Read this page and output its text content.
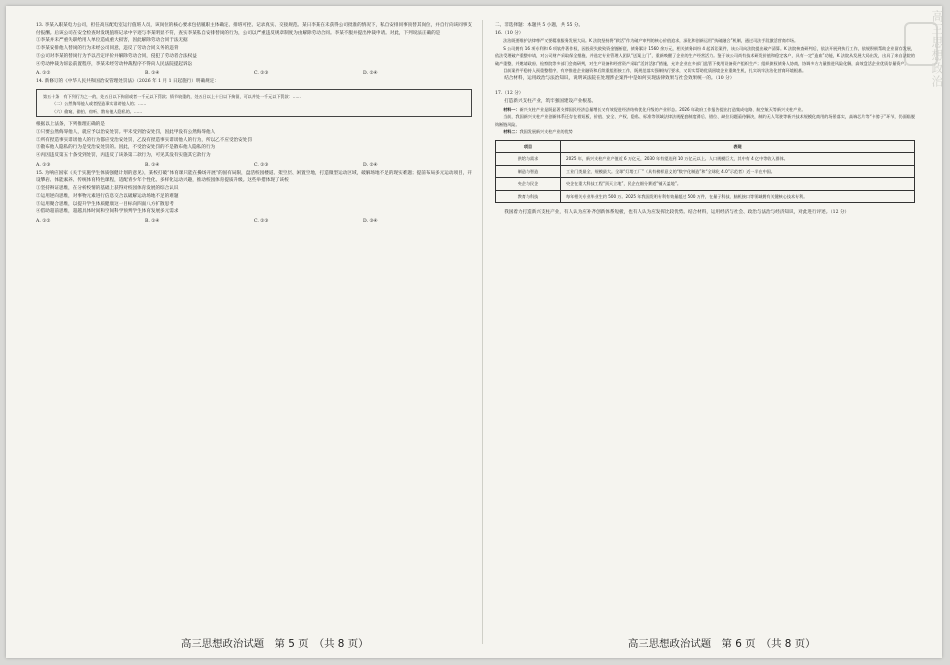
高三思想政治

13. 李某入职某电力公司，担任高压配电室运行值班人员，该岗位的核心要求包括履职主体确定、排班可控、记录真实、交接规范。某日李某在未获得公司批准的情况下，私自安排同事顶替其岗位，并自行向该同事支付报酬。后该公司在安全检查时发现值班记录中字迹与李某明显不符，查实李某私自安排替岗的行为，公司以严重违反规章制度为由解除劳动合同。李某不服并提出仲裁申请。对此，下列说法正确的是

①李某并未严重失职给用人单位造成重大损害，因此解除劳动合同于法无据

②李某安排他人替岗的行为未经公司同意，违反了劳动合同义务的违背

③公司对李某的替岗行为予以否定评价并解除劳动合同，侵犯了劳动者合法权益

④劳动仲裁为诉讼前置程序，李某未经劳动仲裁程序不得向人民法院提起诉讼

A. ①②	B. ①④	C. ②③	D. ②④

14. 新修订的《中华人民共和国治安管理处罚法》（2026 年 1 月 1 日起施行）明确规定：

第五十条　有下列行为之一的，处五日以下拘留或者一千元以下罚款；情节较重的，处五日以上十日以下拘留，可以并处一千元以下罚款：……
（二）公然侮辱他人或者捏造事实诽谤他人的；……
（六）偷窥、偷拍、窃听、散布他人隐私的。……

根据以上法条，下列推理正确的是

①只要公然侮辱他人，就应予以治安处罚。甲未受到治安处罚，因此甲没有公然侮辱他人

②所有捏造事实诽谤他人的行为都应受治安处罚，乙没有捏造事实诽谤他人的行为，所以乙不应受治安处罚

③散布他人隐私的行为是受治安处罚的。因此，不受治安处罚的不是散布他人隐私的行为

④丙因违反第五十条受到处罚，丙违反了该条第二款行为，可见其没有实施其它款行为

A. ①③	B. ①④	C. ②③	D. ②④

15. 为响应国家《关于实施学生体质强健计划的意见》，某校打破“体育课只能在操场开展”的固有局限，盘活校园楼道、架空层、闲置空地，打造微型运动区域，破解场地不足的现实难题；提前布局多元运动项目，开设攀岩、体能素养、传统体育特色课程，适配青少年个性化、多样化运动兴趣，推动校园体育提质升级。这些举措体现了该校

①坚持辩证思维，在分析校情的基础上获得对校园体育发展的综合认识

②运用逆向思维，对事物元素进行信息交合以破解运动场地不足的难题

③运用聚合思维，以提升学生体质健康这一目标向四面八方扩散思考

④借助超前思维，超越具体时间和空间科学预判学生体育发展多元需求

A. ①②	B. ①④	C. ②③	D. ③④
高三思想政治试题　第 5 页　（共 8 页）

二、非选择题：本题共 5 小题，共 55 分。

16.（10 分）

法治既要维护法律尊严又要精准服务发展大局。K 法院坚持将“救活”作为破产审判的核心价值追求，深化和创新运用“执破融合”机制，通过司法手段激活营商市场。

S 公司拥有 16 项专利和 6 项软件著作权，因投资失败致资金链断裂，债务累计 1560 余万元，相关债务纠纷 4 起诉讼案件，该公司向法院提出破产清算。K 法院核查研判后，依法开展到执行工作，依规积极帮助企业留存发展，依法受理破产重整申请，对公司财产采取保全措施，并选定专业管理人团队“送案上门”，重新唤醒了企业的生产经营活力。鉴于该公司尚有技术研发价值和稳定客户，具有一定“造血”功能，K 法院从发展大局出发，出具了来自法院的破产重整，并邀请政府、检察院等多部门会商研判，对生产设备和经营资产采取“活封活扣”措施，允许企业在多部门监管下使用设备资产组织生产；组织债权债务人协商，协调多方力量推进风险化解，高效盘活企业优质存量资产。

目前案件平稳持入预重整程序，有序推进企业融资和后续重组衔接工作，既规范落实强制执行要求，又切实帮助优质困境企业重焕生机，扎实筑牢法治化营商环境根基。

结合材料，运用政治与法治知识，说明该法院在处理涉企案件中是如何实现法律效果与社会效果统一的。（10 分）

17.（12 分）

打造新兴支柱产业，筑牢强国建设产业根基。

材料一：新兴支柱产业是既显著支撑国民经济总量增长又有效促进经济结构优化升级的产业形态。2026 年政府工作报告提出打造集成电路、航空航天等新兴支柱产业。

当前，我国新兴支柱产业创新体系还存在着短板，价值、安全、产权、隐私、标准等领域法律法规配套制度滞后、错位、缺位问题亟待解决，制约无人驾驶等新兴技术规模化商用的场景落实，高端芯片等“卡脖子”环节，仍面临脱钩断链风险。

材料二：我国发展新兴支柱产业的优势

项目	表现
供给与需求	2025 年，新兴支柱产业产值近 6 万亿元，2030 年有望达到 10 万亿元以上。人口规模巨大，其中有 4 亿中等收入群体。
制造与智造	工业门类最全、规模最大。全球“灯塔工厂”（具有榜样意义的“数字化制造”和“全球化 4.0”示范者）近一半在中国。
央企与民企	央企在重大科技工程“顶天立地”，民企在细分赛道“铺天盖地”。
教育与科技	每年相关专业毕业生约 500 万。2025 年我国发明专利有效量超过 500 万件，在量子科技、脑机接口等领域拥有关键核心技术专利。

我国着力打造新兴支柱产业，有人认为应补齐创新体系短板，也有人认为应发挥比较优势。结合材料，运用经济与社会、政治与法治与经济知识，对此进行评述。（12 分）

高三思想政治试题　第 6 页　（共 8 页）
